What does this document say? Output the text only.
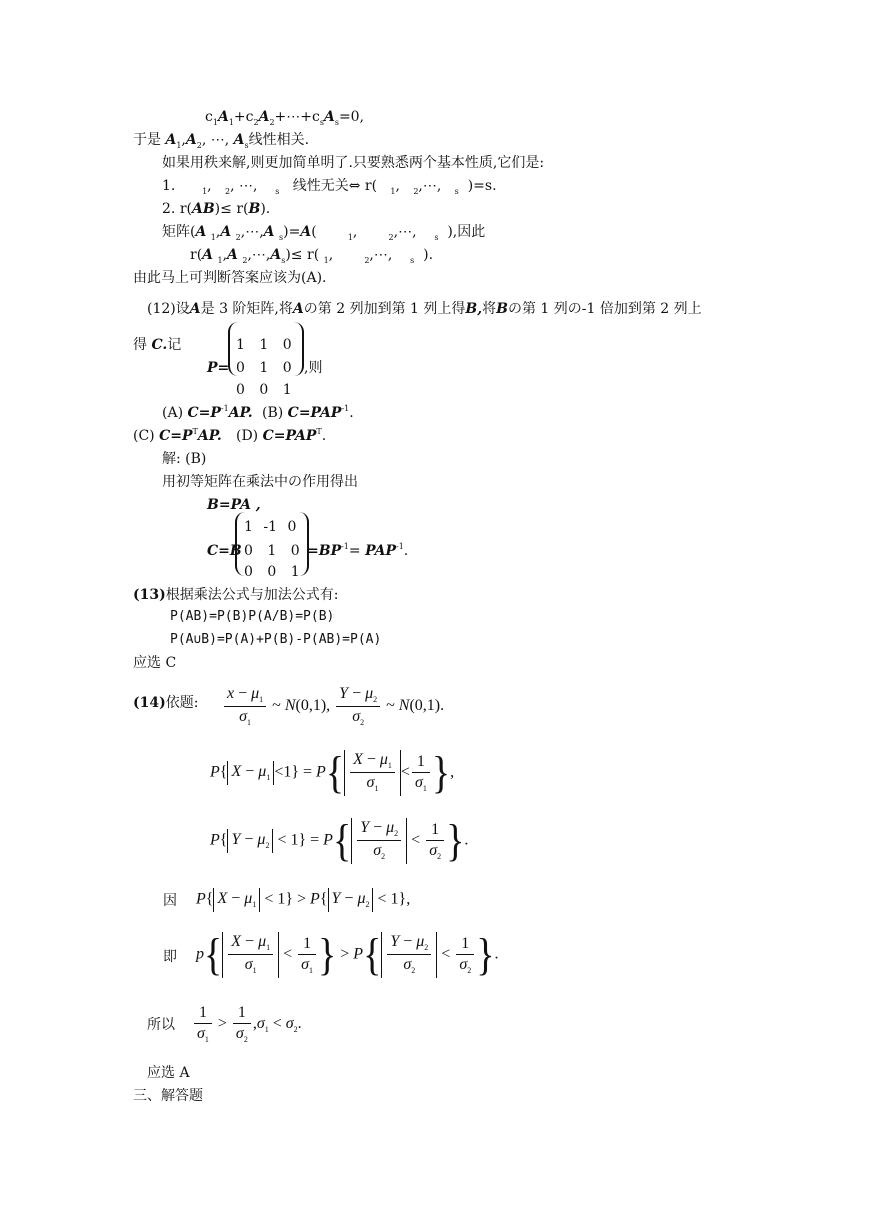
$c_1A_1+c_2A_2+\cdots+c_sA_s=0$,
于是 $A_1,A_2$, ⋯, $A_s$线性相关.
如果用秩来解,则更加简单明了.只要熟悉两个基本性质,它们是:
1.	$_1$, $_2$, ⋯, $_s$ 线性无关⇔ r( $_1$, $_2$,⋯, $_s$ )=s.
2. r(AB)≤ r(B).
矩阵(A $_1$,A $_2$,⋯,A $_s$)=A(	$_1$,	$_2$,⋯, $_s$ ),因此
r(A $_1$,A $_2,\cdots,A_s)\le r$( $_1$,	$_2$,⋯, $_s$ ).
由此马上可判断答案应该为(A).
(12)设A是 3 阶矩阵,将Aの第 2 列加到第 1 列上得B,将Bの第 1 列の-1 倍加到第 2 列上
得 C.记
P=
1 1 0
0 1 0
0 0 1
,则
(A) $C=P^{-1}AP$. (B) $C=PAP^{-1}$.
(C) $C=P^TAP$. (D) $C=PAP^T$.
解: (B)
用初等矩阵在乘法中の作用得出
B=PA ,
C=B
1 -1 0
0 1 0
0 0 1
$=BP^{-1}= PAP^{-1}$.
(13)根据乘法公式与加法公式有:
P(AB)=P(B)P(A/B)=P(B)
P(A∪B)=P(A)+P(B)-P(AB)=P(A)
应选 C
(14)依题: $\frac{x - \mu_1}{\sigma_1}$ ~ N(0,1), $\frac{Y - \mu_2}{\sigma_2}$ ~ N(0,1).
P{ $X - \mu_1 <1\} = P\{ \frac{X - \mu_1}{\sigma_1} < \frac{1}{\sigma_1}$ },
P{ $Y - \mu_2 < 1\} = P\{ \frac{Y - \mu_2}{\sigma_2} < \frac{1}{\sigma_2}$ }.
因 P{ $X - \mu_1 < 1\} > P${ $Y - \mu_2 < 1$},
即 $p\{ \frac{X - \mu_1}{\sigma_1} < \frac{1}{\sigma_1}$ } > $P\{ \frac{Y - \mu_2}{\sigma_2} < \frac{1}{\sigma_2}$ }.
所以 $\frac{1}{\sigma_1} > \frac{1}{\sigma_2} ,\sigma_1 < \sigma_2$.
应选 A
三、解答题
